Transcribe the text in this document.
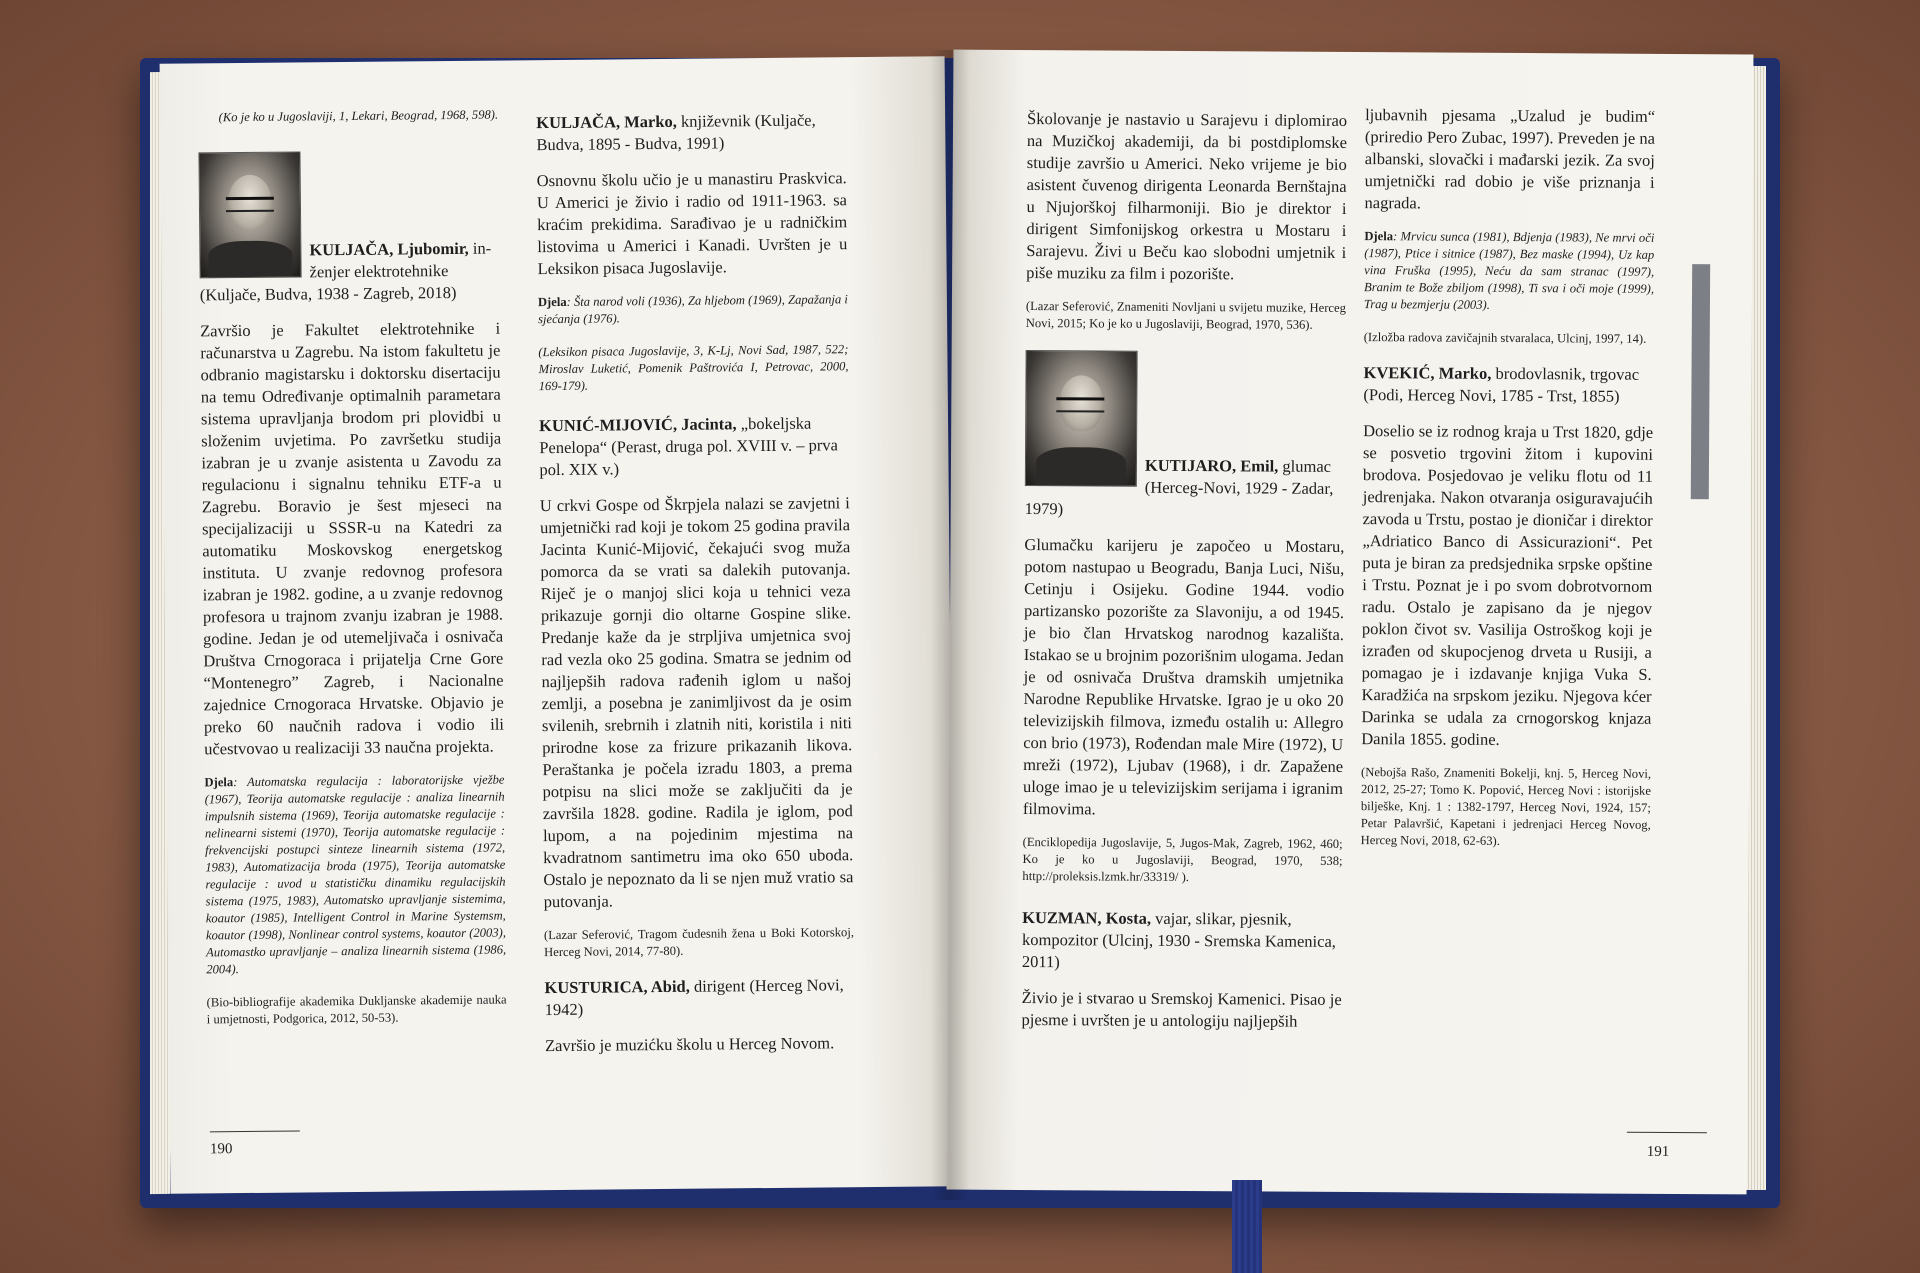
(Ko je ko u Jugoslaviji, 1, Lekari, Beograd, 1968, 598).
KULJAČA, Ljubomir, in-ženjer elektrotehnike (Kuljače, Budva, 1938 - Zagreb, 2018)

Završio je Fakultet elektrotehnike i računarstva u Zagrebu. Na istom fakultetu je odbranio magistarsku i doktorsku disertaciju na temu Određivanje optimalnih parametara sistema upravljanja brodom pri plovidbi u složenim uvjetima. Po završetku studija izabran je u zvanje asistenta u Zavodu za regulacionu i signalnu tehniku ETF-a u Zagrebu. Boravio je šest mjeseci na specijalizaciji u SSSR-u na Katedri za automatiku Moskovskog energetskog instituta. U zvanje redovnog profesora izabran je 1982. godine, a u zvanje redovnog profesora u trajnom zvanju izabran je 1988. godine. Jedan je od utemeljivača i osnivača Društva Crnogoraca i prijatelja Crne Gore “Montenegro” Zagreb, i Nacionalne zajednice Crnogoraca Hrvatske. Objavio je preko 60 naučnih radova i vodio ili učestvovao u realizaciji 33 naučna projekta.

Djela: Automatska regulacija : laboratorijske vježbe (1967), Teorija automatske regulacije : analiza linearnih impulsnih sistema (1969), Teorija automatske regulacije : nelinearni sistemi (1970), Teorija automatske regulacije : frekvencijski postupci sinteze linearnih sistema (1972, 1983), Automatizacija broda (1975), Teorija automatske regulacije : uvod u statističku dinamiku regulacijskih sistema (1975, 1983), Automatsko upravljanje sistemima, koautor (1985), Intelligent Control in Marine Systemsm, koautor (1998), Nonlinear control systems, koautor (2003), Automastko upravljanje – analiza linearnih sistema (1986, 2004).
(Bio-bibliografije akademika Dukljanske akademije nauka i umjetnosti, Podgorica, 2012, 50-53).
KULJAČA, Marko, književnik (Kuljače, Budva, 1895 - Budva, 1991)

Osnovnu školu učio je u manastiru Praskvica. U Americi je živio i radio od 1911-1963. sa kraćim prekidima. Sarađivao je u radničkim listovima u Americi i Kanadi. Uvršten je u Leksikon pisaca Jugoslavije.

Djela: Šta narod voli (1936), Za hljebom (1969), Zapažanja i sjećanja (1976).
(Leksikon pisaca Jugoslavije, 3, K-Lj, Novi Sad, 1987, 522; Miroslav Luketić, Pomenik Paštrovića I, Petrovac, 2000, 169-179).
KUNIĆ-MIJOVIĆ, Jacinta, „bokeljska Penelopa“ (Perast, druga pol. XVIII v. – prva pol. XIX v.)

U crkvi Gospe od Škrpjela nalazi se zavjetni i umjetnički rad koji je tokom 25 godina pravila Jacinta Kunić-Mijović, čekajući svog muža pomorca da se vrati sa dalekih putovanja. Riječ je o manjoj slici koja u tehnici veza prikazuje gornji dio oltarne Gospine slike. Predanje kaže da je strpljiva umjetnica svoj rad vezla oko 25 godina. Smatra se jednim od najljepših radova rađenih iglom u našoj zemlji, a posebna je zanimljivost da je osim svilenih, srebrnih i zlatnih niti, koristila i niti prirodne kose za frizure prikazanih likova. Peraštanka je počela izradu 1803, a prema potpisu na slici može se zaključiti da je završila 1828. godine. Radila je iglom, pod lupom, a na pojedinim mjestima na kvadratnom santimetru ima oko 650 uboda. Ostalo je nepoznato da li se njen muž vratio sa putovanja.

(Lazar Seferović, Tragom čudesnih žena u Boki Kotorskoj, Herceg Novi, 2014, 77-80).
KUSTURICA, Abid, dirigent (Herceg Novi, 1942)

Završio je muzićku školu u Herceg Novom.

190

Školovanje je nastavio u Sarajevu i diplomirao na Muzičkoj akademiji, da bi postdiplomske studije završio u Americi. Neko vrijeme je bio asistent čuvenog dirigenta Leonarda Bernštajna u Njujorškoj filharmoniji. Bio je direktor i dirigent Simfonijskog orkestra u Mostaru i Sarajevu. Živi u Beču kao slobodni umjetnik i piše muziku za film i pozorište.

(Lazar Seferović, Znameniti Novljani u svijetu muzike, Herceg Novi, 2015; Ko je ko u Jugoslaviji, Beograd, 1970, 536).
KUTIJARO, Emil, glumac (Herceg-Novi, 1929 - Zadar, 1979)

Glumačku karijeru je započeo u Mostaru, potom nastupao u Beogradu, Banja Luci, Nišu, Cetinju i Osijeku. Godine 1944. vodio partizansko pozorište za Slavoniju, a od 1945. je bio član Hrvatskog narodnog kazališta. Istakao se u brojnim pozorišnim ulogama. Jedan je od osnivača Društva dramskih umjetnika Narodne Republike Hrvatske. Igrao je u oko 20 televizijskih filmova, između ostalih u: Allegro con brio (1973), Rođendan male Mire (1972), U mreži (1972), Ljubav (1968), i dr. Zapažene uloge imao je u televizijskim serijama i igranim filmovima.

(Enciklopedija Jugoslavije, 5, Jugos-Mak, Zagreb, 1962, 460; Ko je ko u Jugoslaviji, Beograd, 1970, 538; http://proleksis.lzmk.hr/33319/ ).
KUZMAN, Kosta, vajar, slikar, pjesnik, kompozitor (Ulcinj, 1930 - Sremska Kamenica, 2011)

Živio je i stvarao u Sremskoj Kamenici. Pisao je pjesme i uvršten je u antologiju najljepših

ljubavnih pjesama „Uzalud je budim“ (priredio Pero Zubac, 1997). Preveden je na albanski, slovački i mađarski jezik. Za svoj umjetnički rad dobio je više priznanja i nagrada.

Djela: Mrvicu sunca (1981), Bdjenja (1983), Ne mrvi oči (1987), Ptice i sitnice (1987), Bez maske (1994), Uz kap vina Fruška (1995), Neću da sam stranac (1997), Branim te Bože zbiljom (1998), Ti sva i oči moje (1999), Trag u bezmjerju (2003).
(Izložba radova zavičajnih stvaralaca, Ulcinj, 1997, 14).
KVEKIĆ, Marko, brodovlasnik, trgovac (Podi, Herceg Novi, 1785 - Trst, 1855)

Doselio se iz rodnog kraja u Trst 1820, gdje se posvetio trgovini žitom i kupovini brodova. Posjedovao je veliku flotu od 11 jedrenjaka. Nakon otvaranja osiguravajućih zavoda u Trstu, postao je dioničar i direktor „Adriatico Banco di Assicurazioni“. Pet puta je biran za predsjednika srpske opštine i Trstu. Poznat je i po svom dobrotvornom radu. Ostalo je zapisano da je njegov poklon čivot sv. Vasilija Ostroškog koji je izrađen od skupocjenog drveta u Rusiji, a pomagao je i izdavanje knjiga Vuka S. Karadžića na srpskom jeziku. Njegova kćer Darinka se udala za crnogorskog knjaza Danila 1855. godine.

(Nebojša Rašo, Znameniti Bokelji, knj. 5, Herceg Novi, 2012, 25-27; Tomo K. Popović, Herceg Novi : istorijske bilješke, Knj. 1 : 1382-1797, Herceg Novi, 1924, 157; Petar Palavršić, Kapetani i jedrenjaci Herceg Novog, Herceg Novi, 2018, 62-63).
191
